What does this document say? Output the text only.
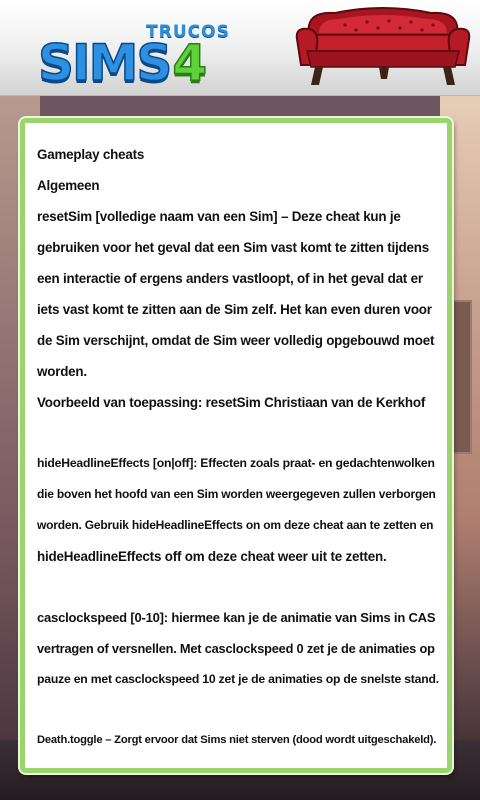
TRUCOS
SIMS4
Gameplay cheats
Algemeen
resetSim [volledige naam van een Sim] – Deze cheat kun je
gebruiken voor het geval dat een Sim vast komt te zitten tijdens
een interactie of ergens anders vastloopt, of in het geval dat er
iets vast komt te zitten aan de Sim zelf. Het kan even duren voor
de Sim verschijnt, omdat de Sim weer volledig opgebouwd moet
worden.
Voorbeeld van toepassing: resetSim Christiaan van de Kerkhof
hideHeadlineEffects [on|off]: Effecten zoals praat- en gedachtenwolken
die boven het hoofd van een Sim worden weergegeven zullen verborgen
worden. Gebruik hideHeadlineEffects on om deze cheat aan te zetten en
hideHeadlineEffects off om deze cheat weer uit te zetten.
casclockspeed [0-10]: hiermee kan je de animatie van Sims in CAS
vertragen of versnellen. Met casclockspeed 0 zet je de animaties op
pauze en met casclockspeed 10 zet je de animaties op de snelste stand.
Death.toggle – Zorgt ervoor dat Sims niet sterven (dood wordt uitgeschakeld).
